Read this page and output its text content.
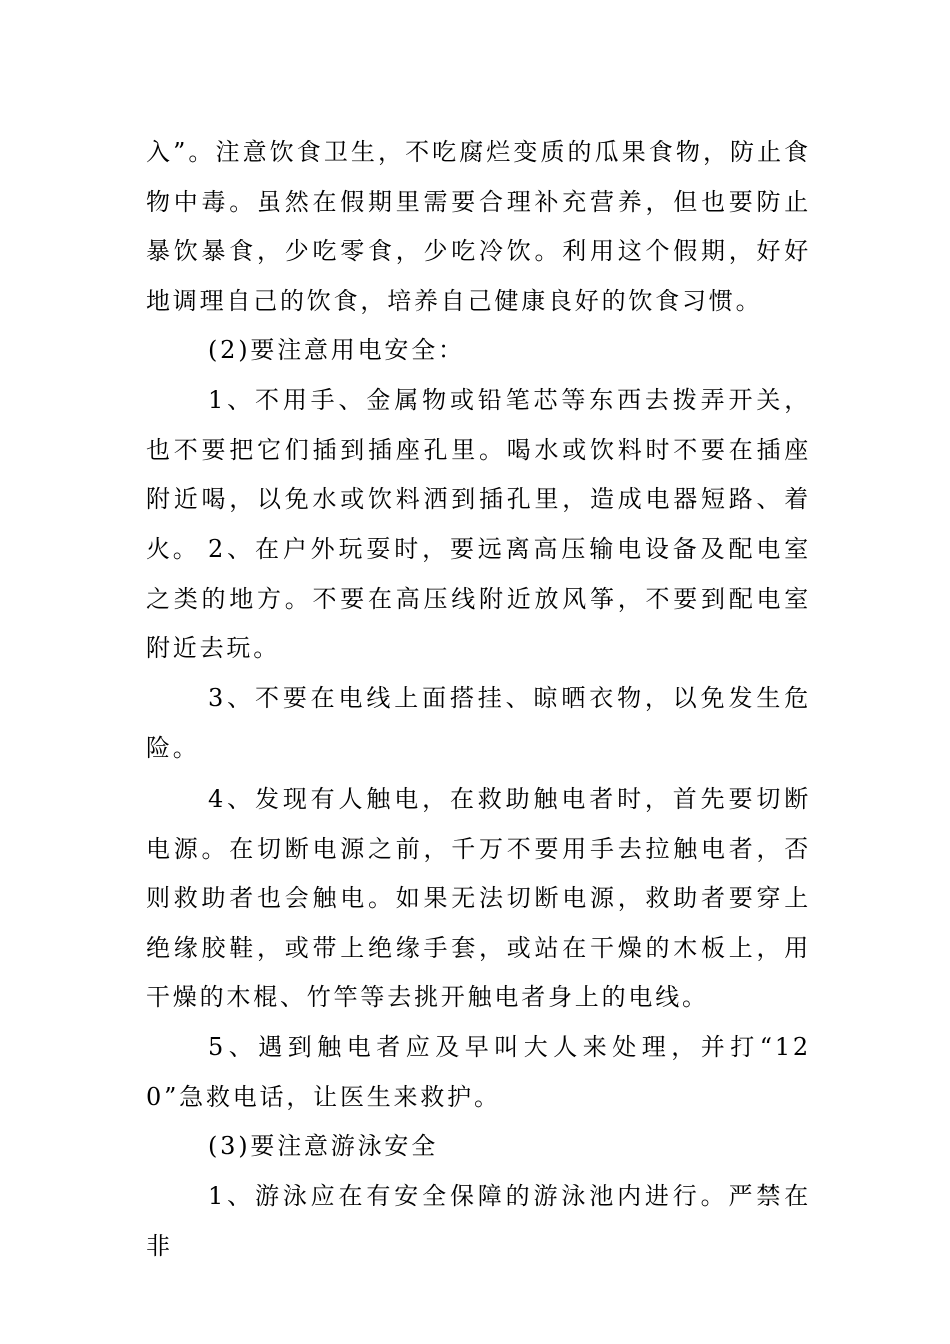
入”。注意饮食卫生，不吃腐烂变质的瓜果食物，防止食物中毒。虽然在假期里需要合理补充营养，但也要防止暴饮暴食，少吃零食，少吃冷饮。利用这个假期，好好地调理自己的饮食，培养自己健康良好的饮食习惯。

(2)要注意用电安全：

1、不用手、金属物或铅笔芯等东西去拨弄开关，也不要把它们插到插座孔里。喝水或饮料时不要在插座附近喝，以免水或饮料洒到插孔里，造成电器短路、着火。 2、在户外玩耍时，要远离高压输电设备及配电室之类的地方。不要在高压线附近放风筝，不要到配电室附近去玩。

3、不要在电线上面搭挂、晾晒衣物，以免发生危险。

4、发现有人触电，在救助触电者时，首先要切断电源。在切断电源之前，千万不要用手去拉触电者，否则救助者也会触电。如果无法切断电源，救助者要穿上绝缘胶鞋，或带上绝缘手套，或站在干燥的木板上，用干燥的木棍、竹竿等去挑开触电者身上的电线。

5、遇到触电者应及早叫大人来处理，并打“120”急救电话，让医生来救护。

(3)要注意游泳安全

1、游泳应在有安全保障的游泳池内进行。严禁在非
